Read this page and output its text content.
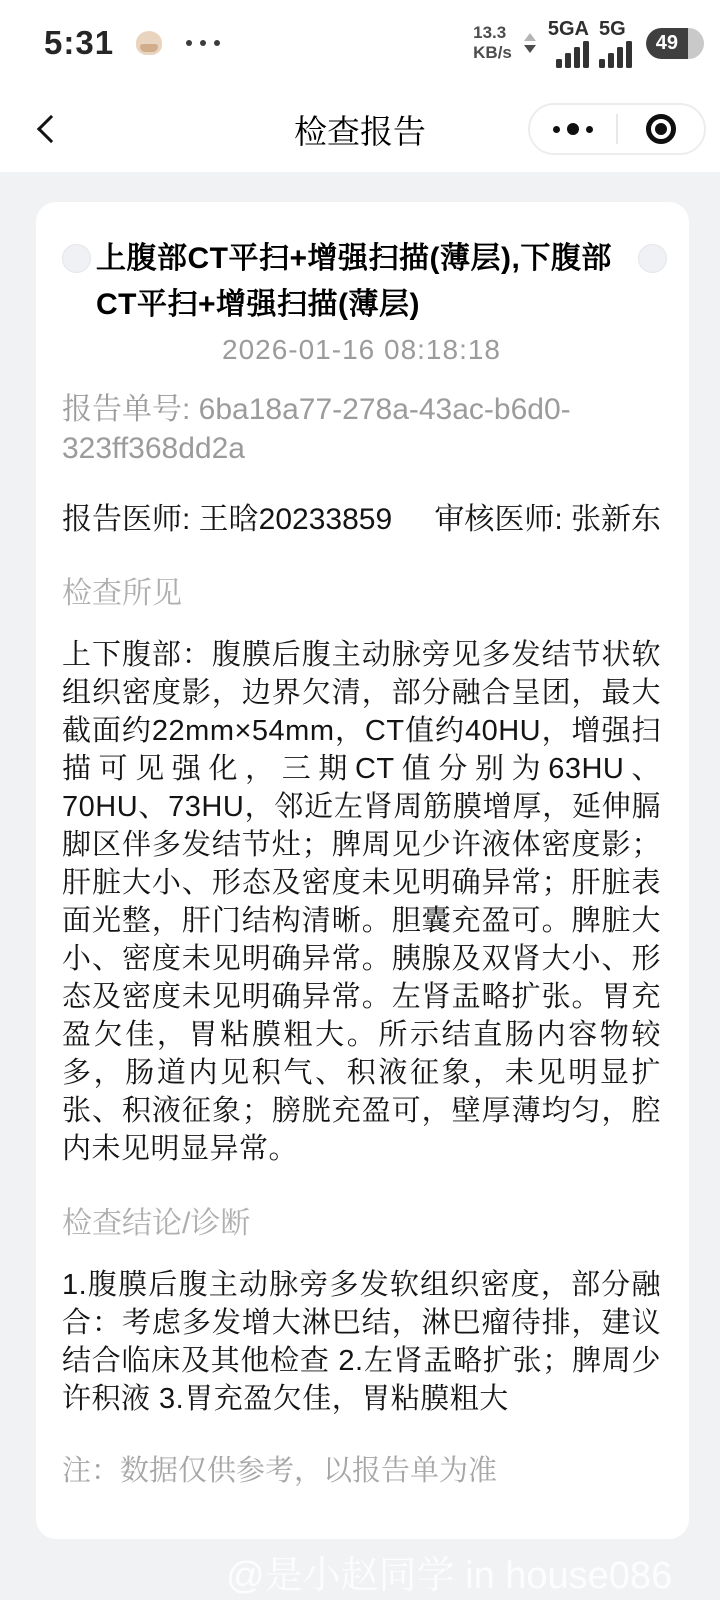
5:31	13.3
KB/s
5GA 5G
49
检查报告
上腹部CT平扫+增强扫描(薄层),下腹部CT平扫+增强扫描(薄层)
2026-01-16 08:18:18
报告单号: 6ba18a77-278a-43ac-b6d0-323ff368dd2a
报告医师: 王晗20233859 审核医师: 张新东
检查所见
上下腹部：腹膜后腹主动脉旁见多发结节状软组织密度影，边界欠清，部分融合呈团，最大截面约22mm×54mm，CT值约40HU，增强扫描可见强化，三期CT值分别为63HU、70HU、73HU，邻近左肾周筋膜增厚，延伸膈脚区伴多发结节灶；脾周见少许液体密度影；肝脏大小、形态及密度未见明确异常；肝脏表面光整，肝门结构清晰。胆囊充盈可。脾脏大小、密度未见明确异常。胰腺及双肾大小、形态及密度未见明确异常。左肾盂略扩张。胃充盈欠佳，胃粘膜粗大。所示结直肠内容物较多，肠道内见积气、积液征象，未见明显扩张、积液征象；膀胱充盈可，壁厚薄均匀，腔内未见明显异常。
检查结论/诊断
1.腹膜后腹主动脉旁多发软组织密度，部分融合：考虑多发增大淋巴结，淋巴瘤待排，建议结合临床及其他检查 2.左肾盂略扩张；脾周少许积液 3.胃充盈欠佳，胃粘膜粗大
注：数据仅供参考，以报告单为准
@是小赵同学 in house086
